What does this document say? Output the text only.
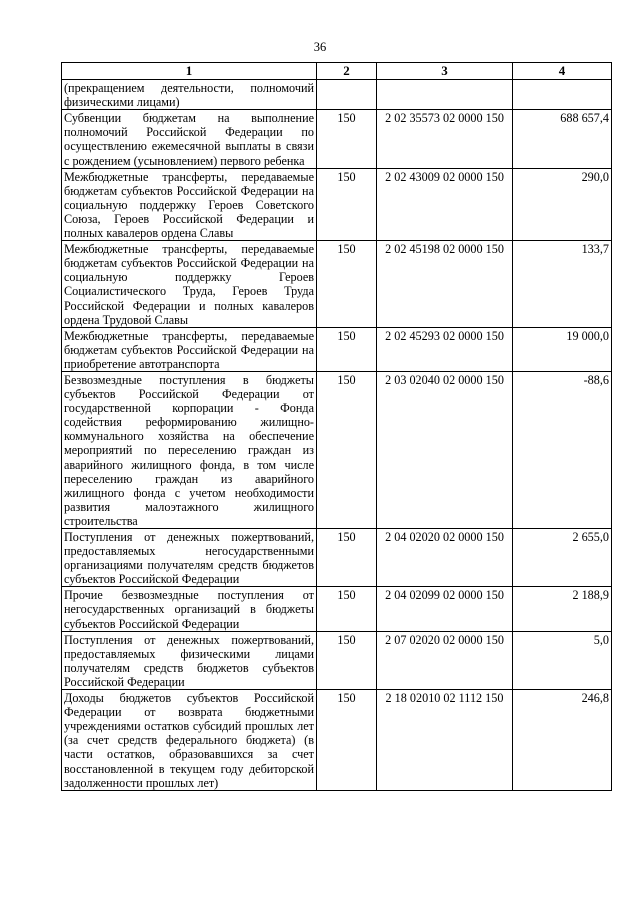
36
1	2	3	4
(прекращением деятельности, полномочий физическими лицами)			
Субвенции бюджетам на выполнение полномочий Российской Федерации по осуществлению ежемесячной выплаты в связи с рождением (усыновлением) первого ребенка	150	2 02 35573 02 0000 150	688 657,4
Межбюджетные трансферты, передаваемые бюджетам субъектов Российской Федерации на социальную поддержку Героев Советского Союза, Героев Российской Федерации и полных кавалеров ордена Славы	150	2 02 43009 02 0000 150	290,0
Межбюджетные трансферты, передаваемые бюджетам субъектов Российской Федерации на социальную поддержку Героев Социалистического Труда, Героев Труда Российской Федерации и полных кавалеров ордена Трудовой Славы	150	2 02 45198 02 0000 150	133,7
Межбюджетные трансферты, передаваемые бюджетам субъектов Российской Федерации на приобретение автотранспорта	150	2 02 45293 02 0000 150	19 000,0
Безвозмездные поступления в бюджеты субъектов Российской Федерации от государственной корпорации - Фонда содействия реформированию жилищно-коммунального хозяйства на обеспечение мероприятий по переселению граждан из аварийного жилищного фонда, в том числе переселению граждан из аварийного жилищного фонда с учетом необходимости развития малоэтажного жилищного строительства	150	2 03 02040 02 0000 150	-88,6
Поступления от денежных пожертвований, предоставляемых негосударственными организациями получателям средств бюджетов субъектов Российской Федерации	150	2 04 02020 02 0000 150	2 655,0
Прочие безвозмездные поступления от негосударственных организаций в бюджеты субъектов Российской Федерации	150	2 04 02099 02 0000 150	2 188,9
Поступления от денежных пожертвований, предоставляемых физическими лицами получателям средств бюджетов субъектов Российской Федерации	150	2 07 02020 02 0000 150	5,0
Доходы бюджетов субъектов Российской Федерации от возврата бюджетными учреждениями остатков субсидий прошлых лет (за счет средств федерального бюджета) (в части остатков, образовавшихся за счет восстановленной в текущем году дебиторской задолженности прошлых лет)	150	2 18 02010 02 1112 150	246,8
